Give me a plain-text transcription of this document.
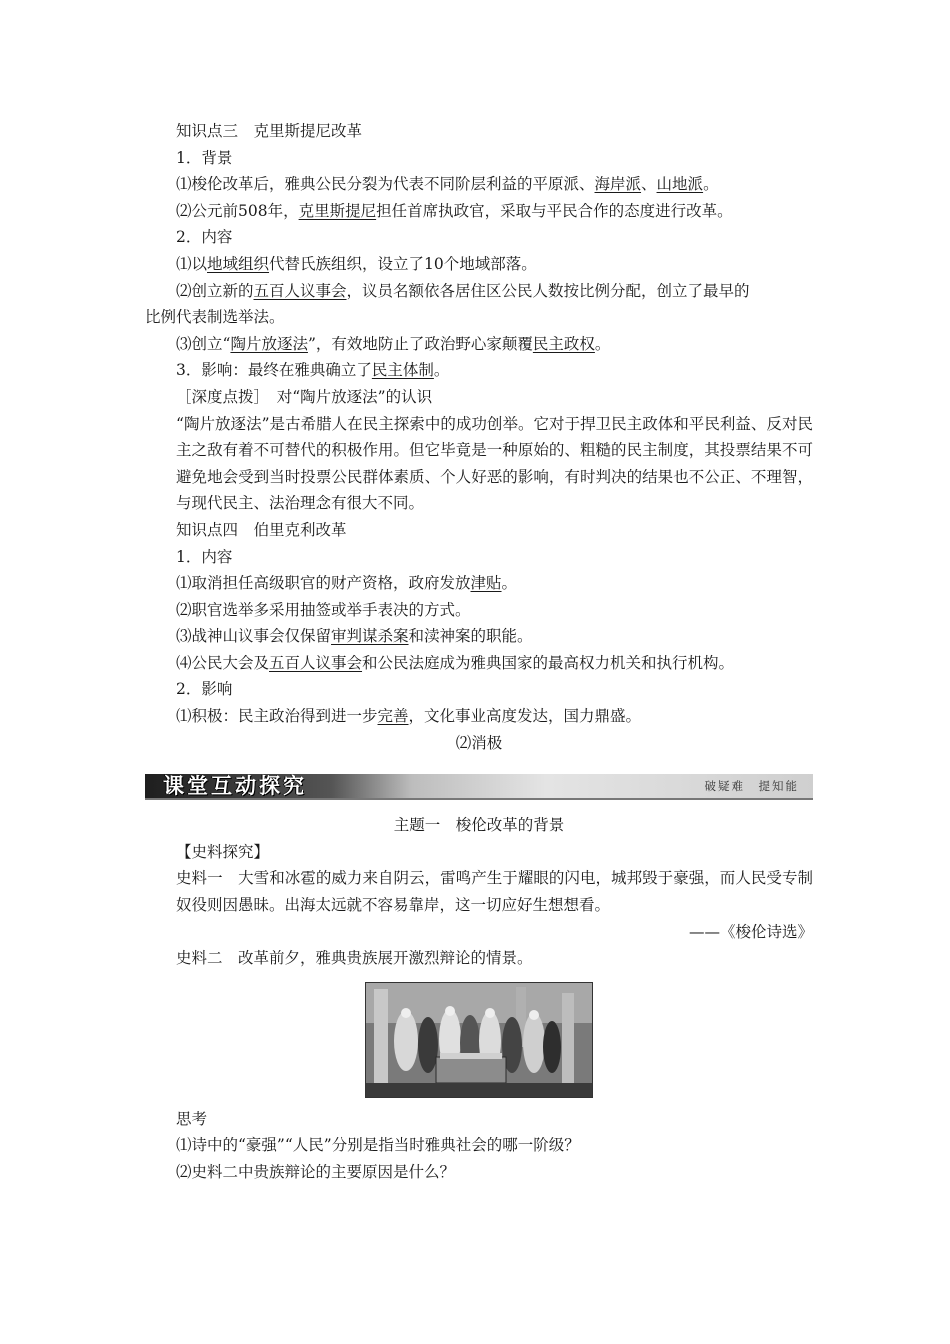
知识点三　克里斯提尼改革
1．背景
⑴梭伦改革后，雅典公民分裂为代表不同阶层利益的平原派、海岸派、山地派。
⑵公元前508年，克里斯提尼担任首席执政官，采取与平民合作的态度进行改革。
2．内容
⑴以地域组织代替氏族组织，设立了10个地域部落。
⑵创立新的五百人议事会，议员名额依各居住区公民人数按比例分配，创立了最早的
比例代表制选举法。
⑶创立“陶片放逐法”，有效地防止了政治野心家颠覆民主政权。
3．影响：最终在雅典确立了民主体制。
［深度点拨］　对“陶片放逐法”的认识
“陶片放逐法”是古希腊人在民主探索中的成功创举。它对于捍卫民主政体和平民利益、反对民主之敌有着不可替代的积极作用。但它毕竟是一种原始的、粗糙的民主制度，其投票结果不可避免地会受到当时投票公民群体素质、个人好恶的影响，有时判决的结果也不公正、不理智，与现代民主、法治理念有很大不同。
知识点四　伯里克利改革
1．内容
⑴取消担任高级职官的财产资格，政府发放津贴。
⑵职官选举多采用抽签或举手表决的方式。
⑶战神山议事会仅保留审判谋杀案和渎神案的职能。
⑷公民大会及五百人议事会和公民法庭成为雅典国家的最高权力机关和执行机构。
2．影响
⑴积极：民主政治得到进一步完善，文化事业高度发达，国力鼎盛。
⑵消极
课堂互动探究	破疑难　提知能
主题一　梭伦改革的背景
【史料探究】
史料一　大雪和冰雹的威力来自阴云，雷鸣产生于耀眼的闪电，城邦毁于豪强，而人民受专制奴役则因愚昧。出海太远就不容易靠岸，这一切应好生想想看。
——《梭伦诗选》
史料二　改革前夕，雅典贵族展开激烈辩论的情景。
思考
⑴诗中的“豪强”“人民”分别是指当时雅典社会的哪一阶级？
⑵史料二中贵族辩论的主要原因是什么？
